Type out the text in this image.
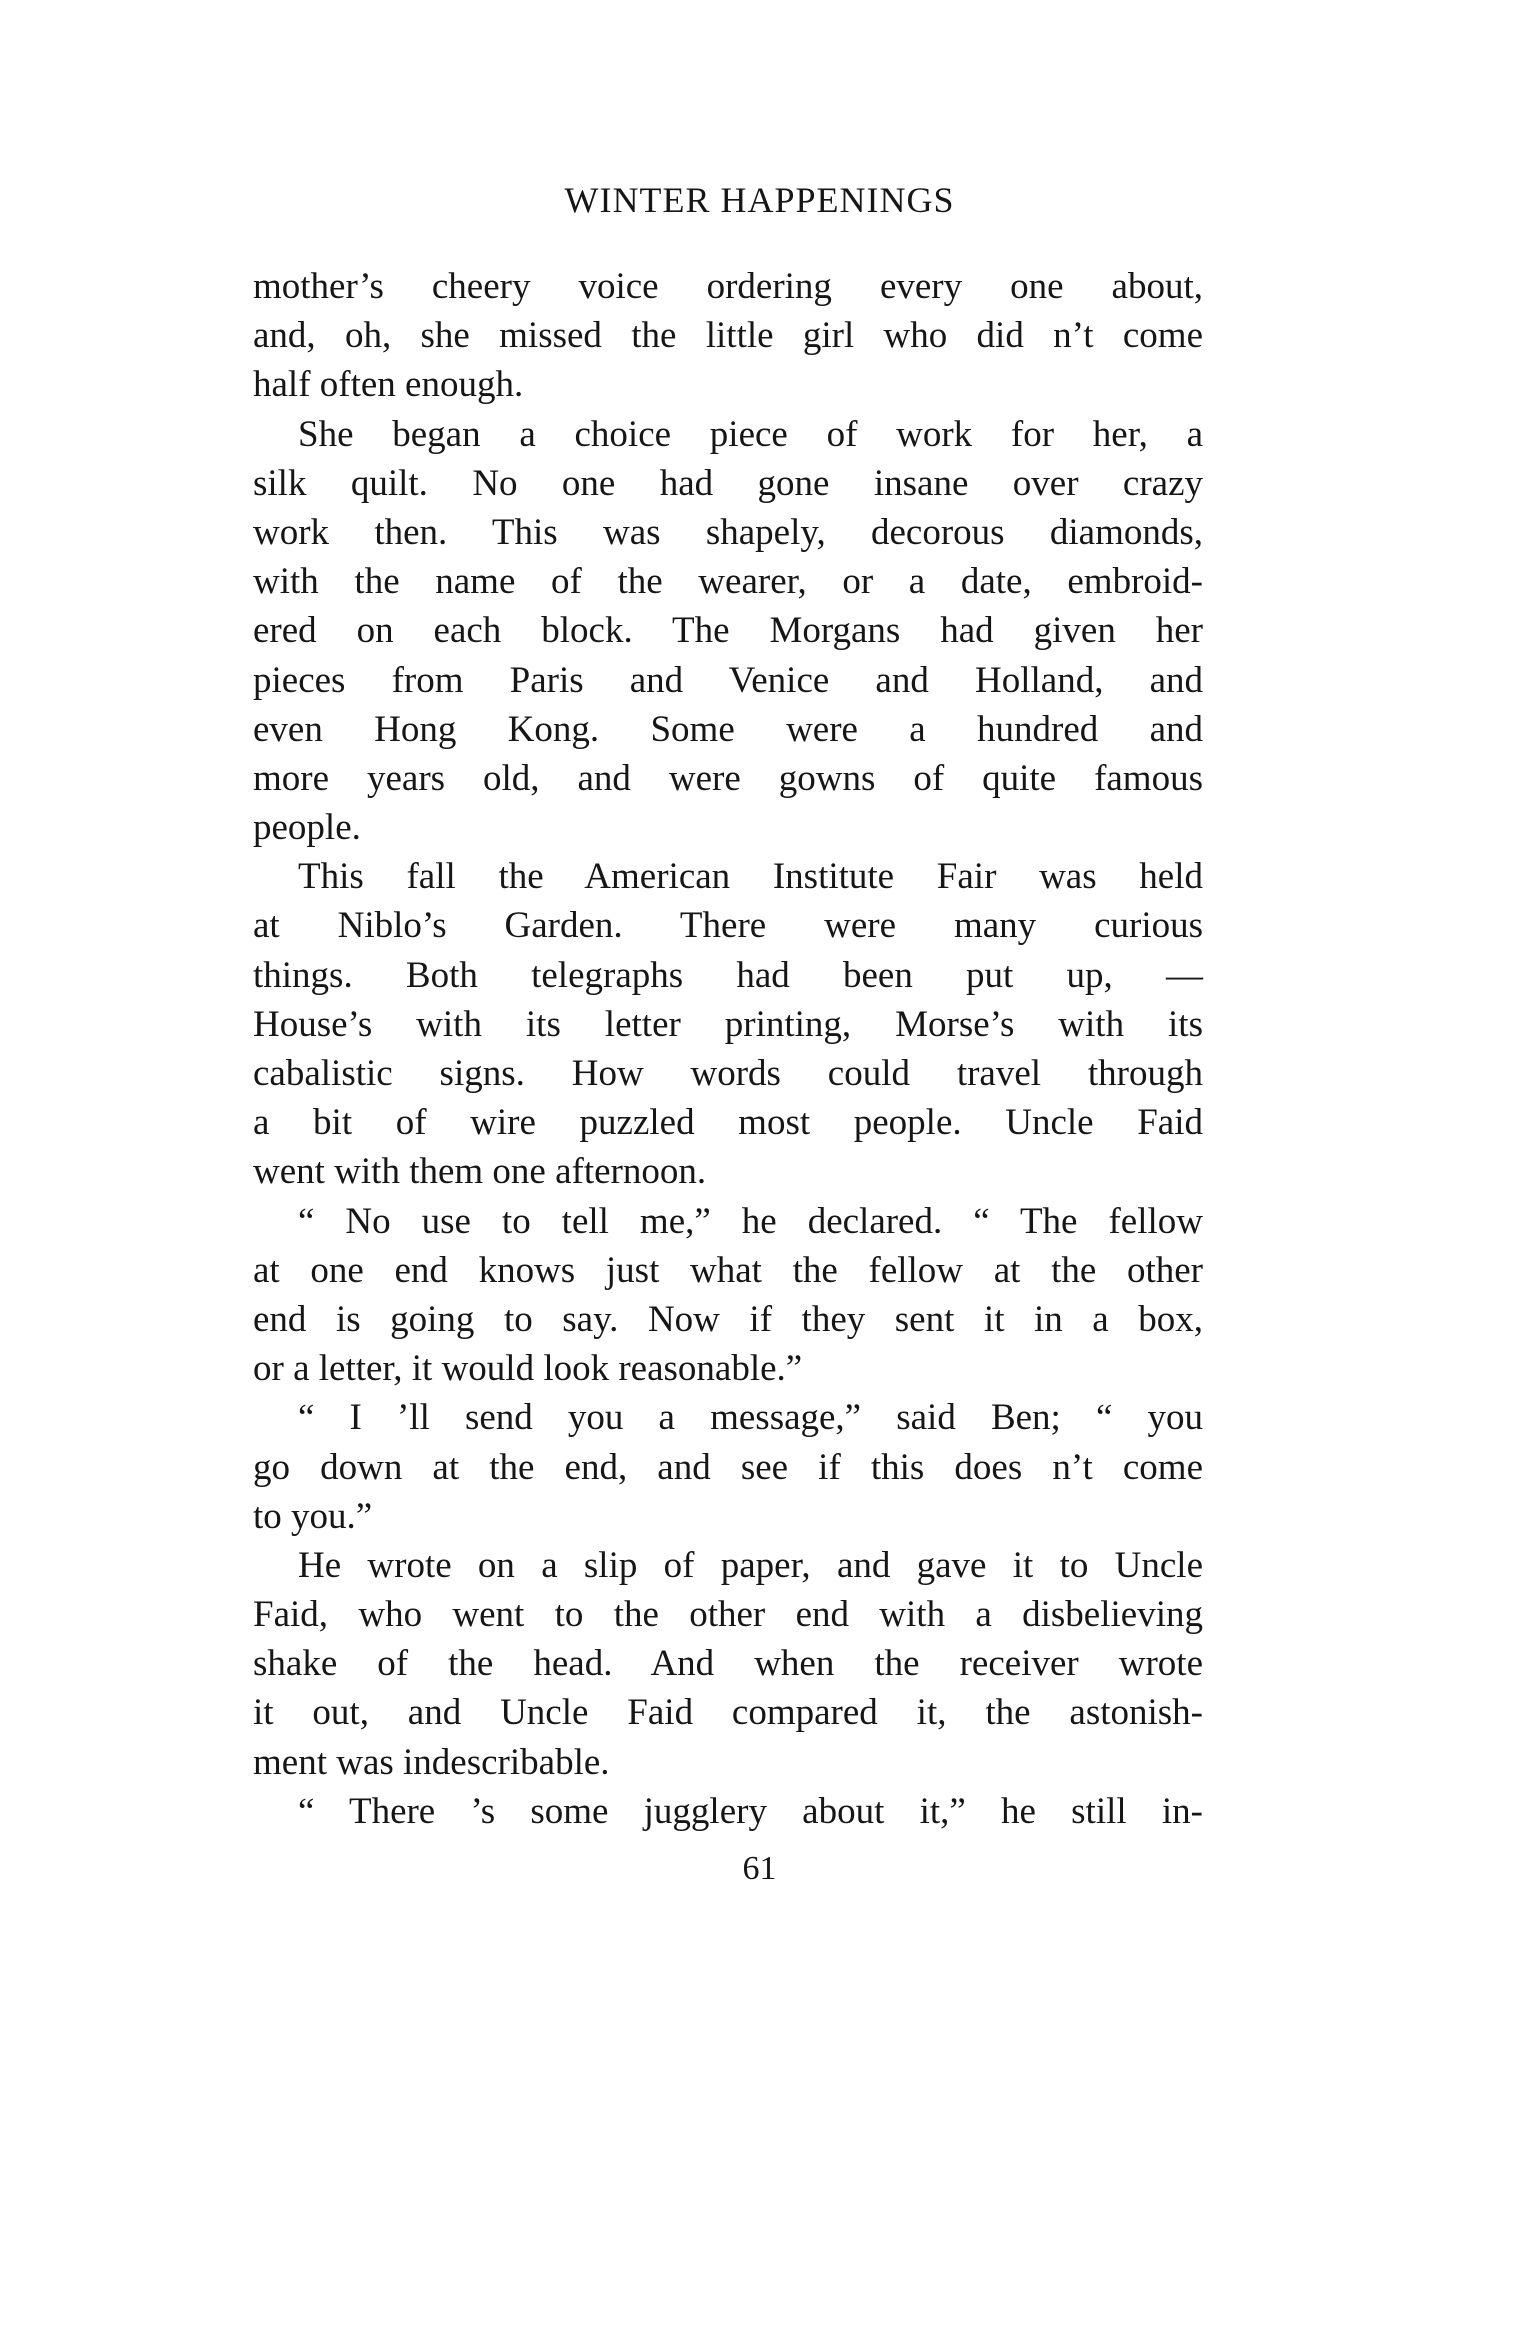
WINTER HAPPENINGS
mother’s cheery voice ordering every one about,
and, oh, she missed the little girl who did n’t come
half often enough.
She began a choice piece of work for her, a
silk quilt. No one had gone insane over crazy
work then. This was shapely, decorous diamonds,
with the name of the wearer, or a date, embroid-
ered on each block. The Morgans had given her
pieces from Paris and Venice and Holland, and
even Hong Kong. Some were a hundred and
more years old, and were gowns of quite famous
people.
This fall the American Institute Fair was held
at Niblo’s Garden. There were many curious
things. Both telegraphs had been put up, —
House’s with its letter printing, Morse’s with its
cabalistic signs. How words could travel through
a bit of wire puzzled most people. Uncle Faid
went with them one afternoon.
“ No use to tell me,” he declared. “ The fellow
at one end knows just what the fellow at the other
end is going to say. Now if they sent it in a box,
or a letter, it would look reasonable.”
“ I ’ll send you a message,” said Ben; “ you
go down at the end, and see if this does n’t come
to you.”
He wrote on a slip of paper, and gave it to Uncle
Faid, who went to the other end with a disbelieving
shake of the head. And when the receiver wrote
it out, and Uncle Faid compared it, the astonish-
ment was indescribable.
“ There ’s some jugglery about it,” he still in-
61
